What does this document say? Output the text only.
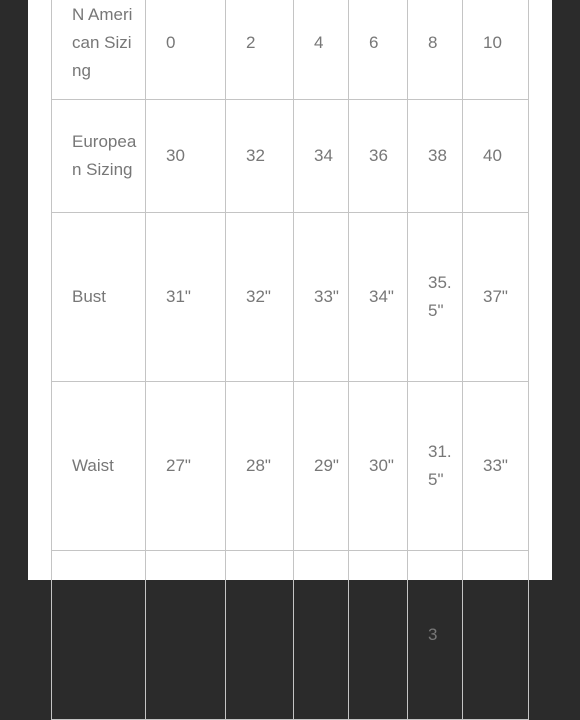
N American Sizing	0	2	4	6	8	10
European Sizing	30	32	34	36	38	40
Bust	31"	32"	33"	34"	35.5"	37"
Waist	27"	28"	29"	30"	31.5"	33"
					3	
